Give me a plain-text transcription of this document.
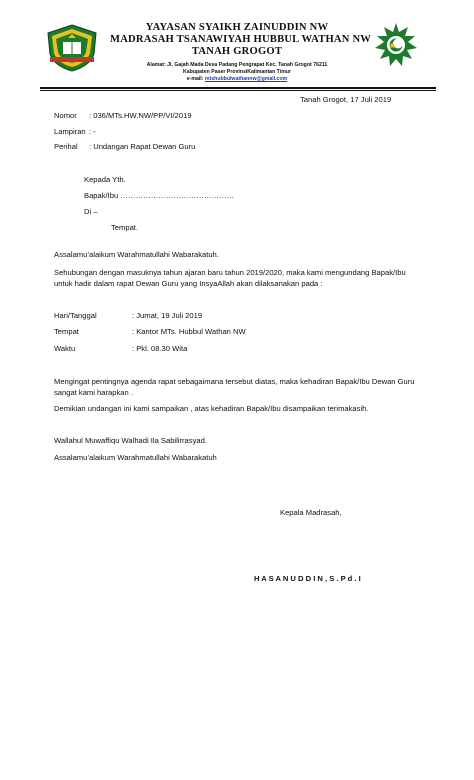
YAYASAN SYAIKH ZAINUDDIN NW
MADRASAH TSANAWIYAH HUBBUL WATHAN NW
TANAH GROGOT
Alamat: Jl. Gajah Mada Desa Padang Pengrapat Kec. Tanah Grogot 76211
Kabupaten Paser ProvinsiKalimantan Timur
e-mail: mtshubbulwathannw@gmail.com
Tanah Grogot, 17 Juli 2019
Nomor : 036/MTs.HW.NW/PP/VI/2019
Lampiran : -
Perihal : Undangan Rapat Dewan Guru
Kepada Yth.
Bapak/Ibu ………………………………………
Di –
Tempat.
Assalamu’alaikum Warahmatullahi Wabarakatuh.
Sehubungan dengan masuknya tahun ajaran baru tahun 2019/2020, maka kami mengundang Bapak/Ibu untuk hadir dalam rapat Dewan Guru yang InsyaAllah akan dilaksanakan pada :
Hari/Tanggal	: Jumat, 19 Juli 2019
Tempat	: Kantor MTs. Hubbul Wathan NW
Waktu	: Pkl. 08.30 Wita
Mengingat pentingnya agenda rapat sebagaimana tersebut diatas, maka kehadiran Bapak/Ibu Dewan Guru sangat kami harapkan .
Demikian undangan ini kami sampaikan , atas kehadiran Bapak/Ibu disampaikan terimakasih.
Wallahul Muwaffiqu Walhadi Ila Sabilirrasyad.
Assalamu’alaikum Warahmatullahi Wabarakatuh
Kepala Madrasah,
H A S A N U D D I N , S . P d . I
